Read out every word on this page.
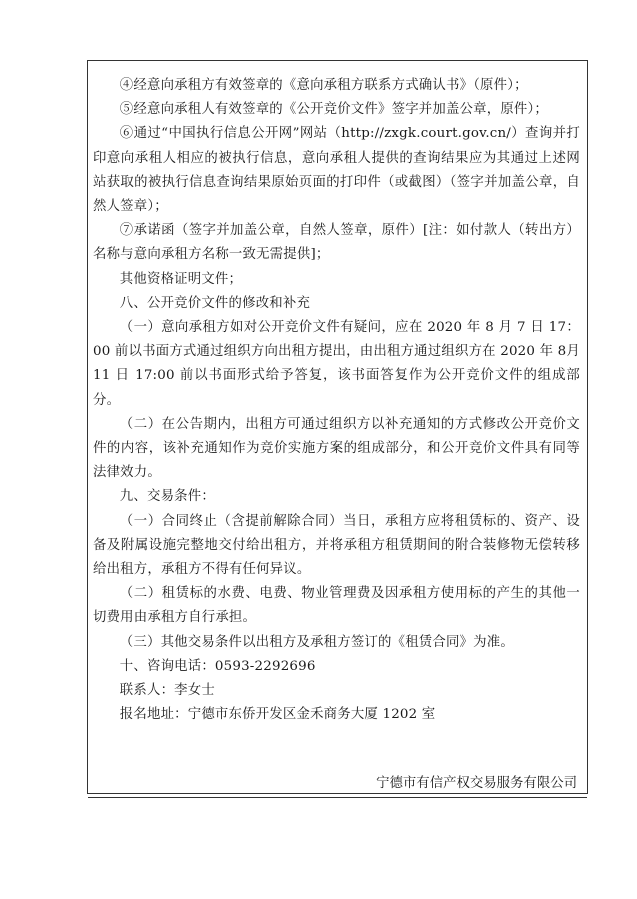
④经意向承租方有效签章的《意向承租方联系方式确认书》（原件）；

⑤经意向承租人有效签章的《公开竞价文件》签字并加盖公章，原件）；

⑥通过“中国执行信息公开网”网站（http://zxgk.court.gov.cn/）查询并打印意向承租人相应的被执行信息，意向承租人提供的查询结果应为其通过上述网站获取的被执行信息查询结果原始页面的打印件（或截图）（签字并加盖公章，自然人签章）；

⑦承诺函（签字并加盖公章，自然人签章，原件）[注：如付款人（转出方）名称与意向承租方名称一致无需提供]；

其他资格证明文件；

八、公开竞价文件的修改和补充

（一）意向承租方如对公开竞价文件有疑问，应在 2020 年 8 月 7 日 17：00 前以书面方式通过组织方向出租方提出，由出租方通过组织方在 2020 年 8月 11 日 17:00 前以书面形式给予答复，该书面答复作为公开竞价文件的组成部分。

（二）在公告期内，出租方可通过组织方以补充通知的方式修改公开竞价文件的内容，该补充通知作为竞价实施方案的组成部分，和公开竞价文件具有同等法律效力。

九、交易条件：

（一）合同终止（含提前解除合同）当日，承租方应将租赁标的、资产、设备及附属设施完整地交付给出租方，并将承租方租赁期间的附合装修物无偿转移给出租方，承租方不得有任何异议。

（二）租赁标的水费、电费、物业管理费及因承租方使用标的产生的其他一切费用由承租方自行承担。

（三）其他交易条件以出租方及承租方签订的《租赁合同》为准。

十、咨询电话：0593-2292696

联系人：李女士

报名地址：宁德市东侨开发区金禾商务大厦 1202 室

宁德市有信产权交易服务有限公司
